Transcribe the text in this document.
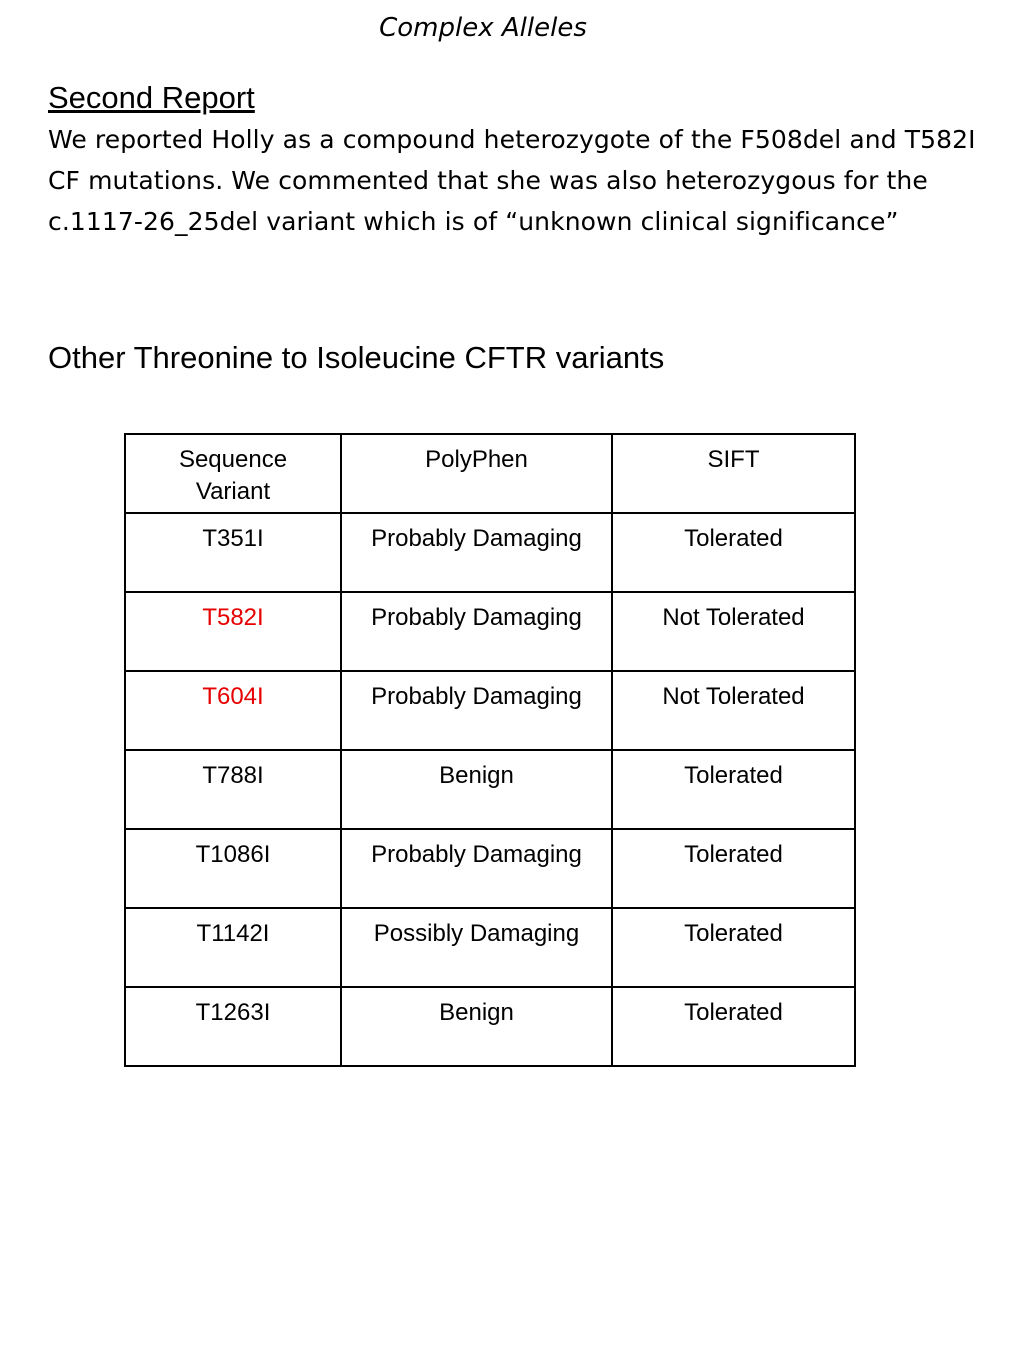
Complex Alleles
Second Report

We reported Holly as a compound heterozygote of the F508del and T582I CF mutations. We commented that she was also heterozygous for the c.1117-26_25del variant which is of “unknown clinical significance”

Other Threonine to Isoleucine CFTR variants
Sequence
Variant	PolyPhen	SIFT
T351I	Probably Damaging	Tolerated
T582I	Probably Damaging	Not Tolerated
T604I	Probably Damaging	Not Tolerated
T788I	Benign	Tolerated
T1086I	Probably Damaging	Tolerated
T1142I	Possibly Damaging	Tolerated
T1263I	Benign	Tolerated
